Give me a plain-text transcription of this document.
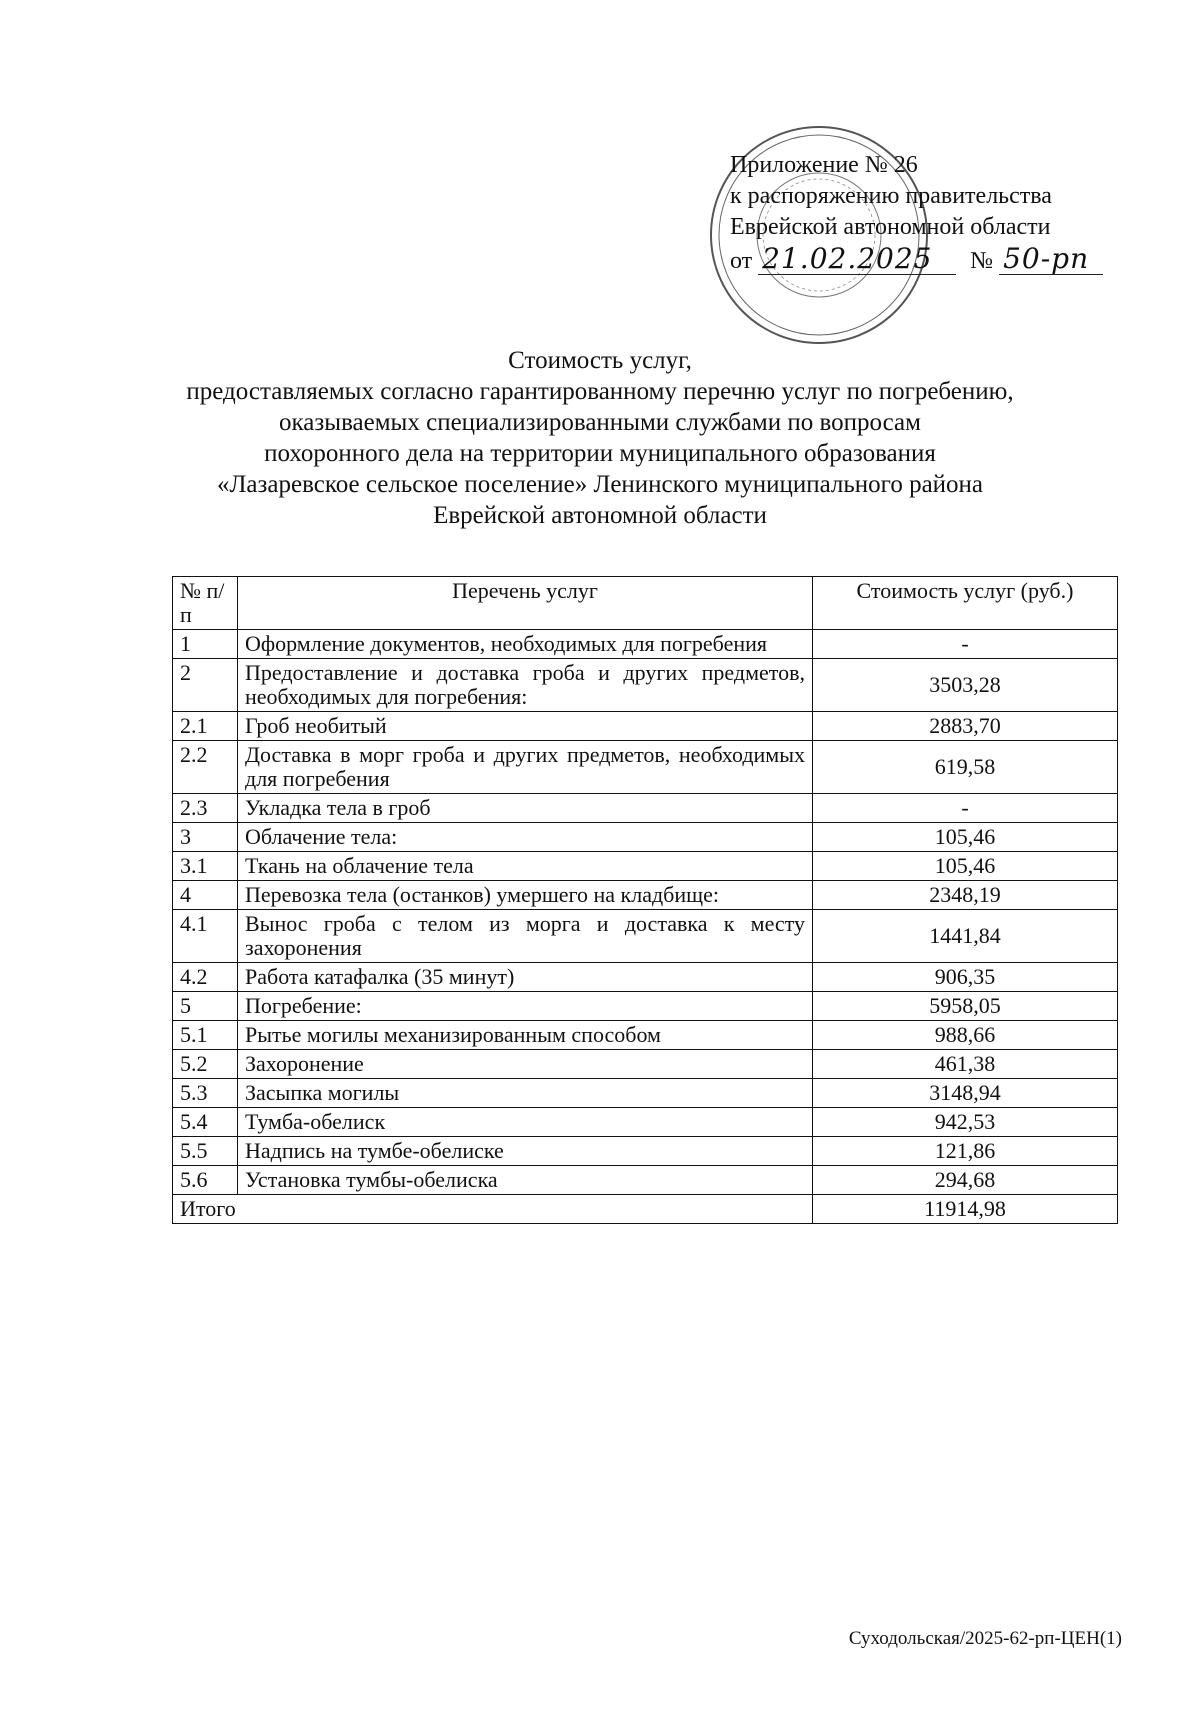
Приложение № 26
к распоряжению правительства
Еврейской автономной области
от 21.02.2025 № 50-рп
Стоимость услуг,
предоставляемых согласно гарантированному перечню услуг по погребению,
оказываемых специализированными службами по вопросам
похоронного дела на территории муниципального образования
«Лазаревское сельское поселение» Ленинского муниципального района
Еврейской автономной области
№ п/п	Перечень услуг	Стоимость услуг (руб.)
1	Оформление документов, необходимых для погребения	-
2	Предоставление и доставка гроба и других предметов, необходимых для погребения:	3503,28
2.1	Гроб необитый	2883,70
2.2	Доставка в морг гроба и других предметов, необходимых для погребения	619,58
2.3	Укладка тела в гроб	-
3	Облачение тела:	105,46
3.1	Ткань на облачение тела	105,46
4	Перевозка тела (останков) умершего на кладбище:	2348,19
4.1	Вынос гроба с телом из морга и доставка к месту захоронения	1441,84
4.2	Работа катафалка (35 минут)	906,35
5	Погребение:	5958,05
5.1	Рытье могилы механизированным способом	988,66
5.2	Захоронение	461,38
5.3	Засыпка могилы	3148,94
5.4	Тумба-обелиск	942,53
5.5	Надпись на тумбе-обелиске	121,86
5.6	Установка тумбы-обелиска	294,68
Итого		11914,98
Суходольская/2025-62-рп-ЦЕН(1)
